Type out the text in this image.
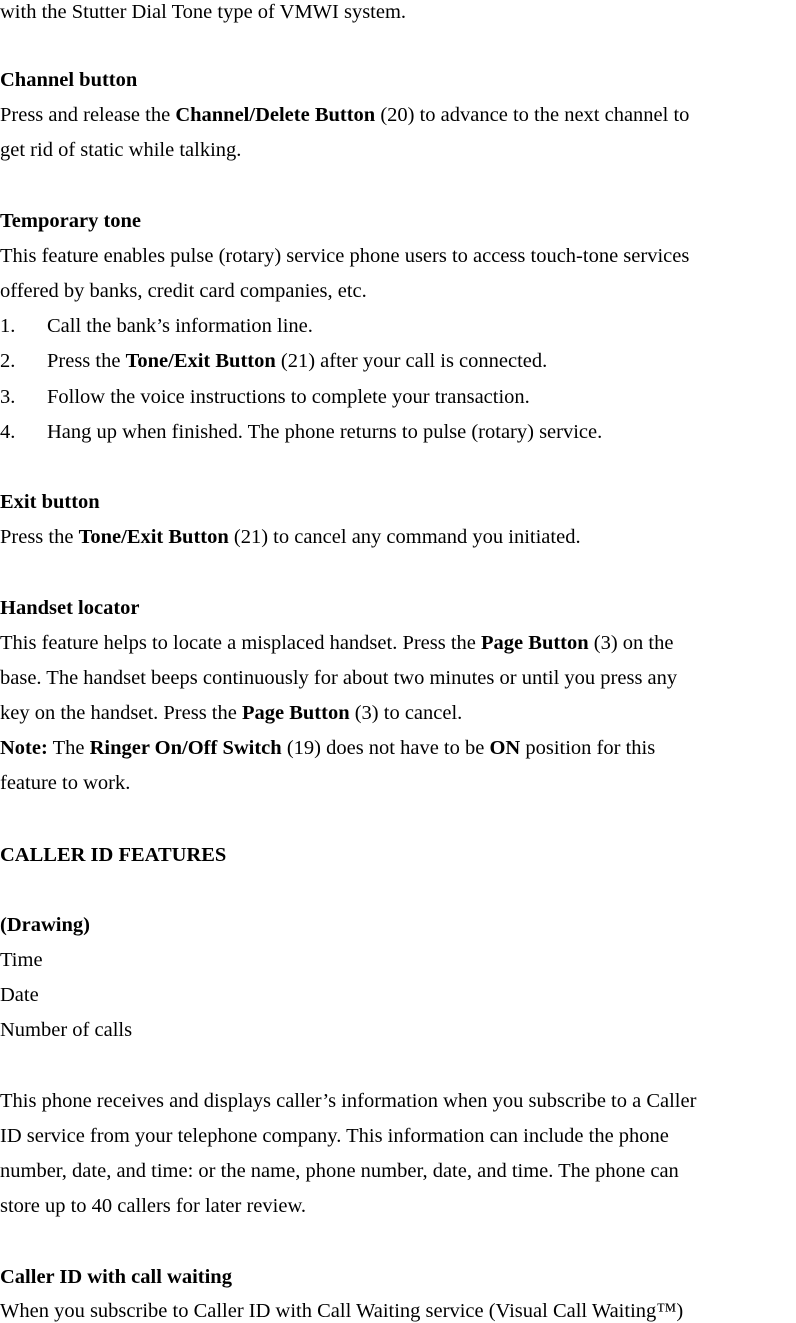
with the Stutter Dial Tone type of VMWI system.
Channel button
Press and release the Channel/Delete Button (20) to advance to the next channel to
get rid of static while talking.
Temporary tone
This feature enables pulse (rotary) service phone users to access touch-tone services
offered by banks, credit card companies, etc.
1. Call the bank’s information line.
2. Press the Tone/Exit Button (21) after your call is connected.
3. Follow the voice instructions to complete your transaction.
4. Hang up when finished. The phone returns to pulse (rotary) service.
Exit button
Press the Tone/Exit Button (21) to cancel any command you initiated.
Handset locator
This feature helps to locate a misplaced handset. Press the Page Button (3) on the
base. The handset beeps continuously for about two minutes or until you press any
key on the handset. Press the Page Button (3) to cancel.
Note: The Ringer On/Off Switch (19) does not have to be ON position for this
feature to work.
CALLER ID FEATURES
(Drawing)
Time
Date
Number of calls
This phone receives and displays caller’s information when you subscribe to a Caller
ID service from your telephone company. This information can include the phone
number, date, and time: or the name, phone number, date, and time. The phone can
store up to 40 callers for later review.
Caller ID with call waiting
When you subscribe to Caller ID with Call Waiting service (Visual Call Waiting™)
